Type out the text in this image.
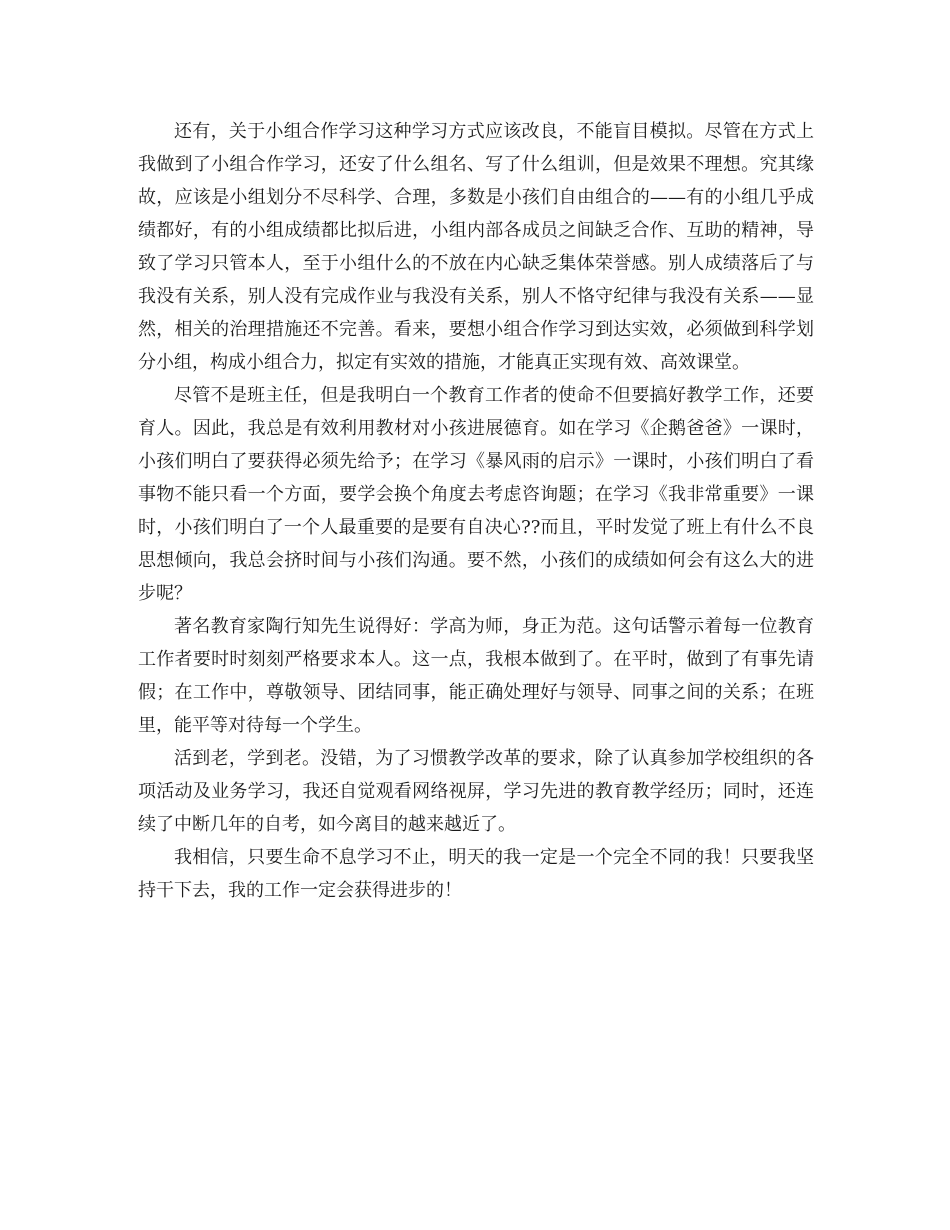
还有，关于小组合作学习这种学习方式应该改良，不能盲目模拟。尽管在方式上我做到了小组合作学习，还安了什么组名、写了什么组训，但是效果不理想。究其缘故，应该是小组划分不尽科学、合理，多数是小孩们自由组合的——有的小组几乎成绩都好，有的小组成绩都比拟后进，小组内部各成员之间缺乏合作、互助的精神，导致了学习只管本人，至于小组什么的不放在内心缺乏集体荣誉感。别人成绩落后了与我没有关系，别人没有完成作业与我没有关系，别人不恪守纪律与我没有关系——显然，相关的治理措施还不完善。看来，要想小组合作学习到达实效，必须做到科学划分小组，构成小组合力，拟定有实效的措施，才能真正实现有效、高效课堂。

尽管不是班主任，但是我明白一个教育工作者的使命不但要搞好教学工作，还要育人。因此，我总是有效利用教材对小孩进展德育。如在学习《企鹅爸爸》一课时，小孩们明白了要获得必须先给予；在学习《暴风雨的启示》一课时，小孩们明白了看事物不能只看一个方面，要学会换个角度去考虑咨询题；在学习《我非常重要》一课时，小孩们明白了一个人最重要的是要有自决心??而且，平时发觉了班上有什么不良思想倾向，我总会挤时间与小孩们沟通。要不然，小孩们的成绩如何会有这么大的进步呢？

著名教育家陶行知先生说得好：学高为师，身正为范。这句话警示着每一位教育工作者要时时刻刻严格要求本人。这一点，我根本做到了。在平时，做到了有事先请假；在工作中，尊敬领导、团结同事，能正确处理好与领导、同事之间的关系；在班里，能平等对待每一个学生。

活到老，学到老。没错，为了习惯教学改革的要求，除了认真参加学校组织的各项活动及业务学习，我还自觉观看网络视屏，学习先进的教育教学经历；同时，还连续了中断几年的自考，如今离目的越来越近了。

我相信，只要生命不息学习不止，明天的我一定是一个完全不同的我！只要我坚持干下去，我的工作一定会获得进步的！
